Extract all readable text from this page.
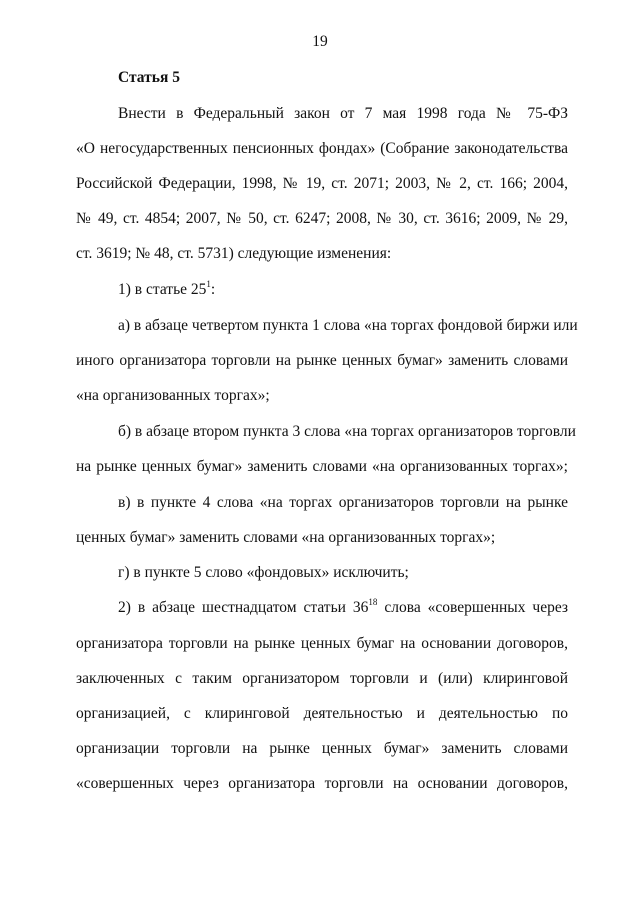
19
Статья 5
Внести в Федеральный закон от 7 мая 1998 года № 75-ФЗ
«О негосударственных пенсионных фондах» (Собрание законодательства
Российской Федерации, 1998, № 19, ст. 2071; 2003, № 2, ст. 166; 2004,
№ 49, ст. 4854; 2007, № 50, ст. 6247; 2008, № 30, ст. 3616; 2009, № 29,
ст. 3619; № 48, ст. 5731) следующие изменения:
1) в статье $25^1$:
а) в абзаце четвертом пункта 1 слова «на торгах фондовой биржи или
иного организатора торговли на рынке ценных бумаг» заменить словами
«на организованных торгах»;
б) в абзаце втором пункта 3 слова «на торгах организаторов торговли
на рынке ценных бумаг» заменить словами «на организованных торгах»;
в) в пункте 4 слова «на торгах организаторов торговли на рынке
ценных бумаг» заменить словами «на организованных торгах»;
г) в пункте 5 слово «фондовых» исключить;
2) в абзаце шестнадцатом статьи $36^{18}$ слова «совершенных через
организатора торговли на рынке ценных бумаг на основании договоров,
заключенных с таким организатором торговли и (или) клиринговой
организацией, с клиринговой деятельностью и деятельностью по
организации торговли на рынке ценных бумаг» заменить словами
«совершенных через организатора торговли на основании договоров,
